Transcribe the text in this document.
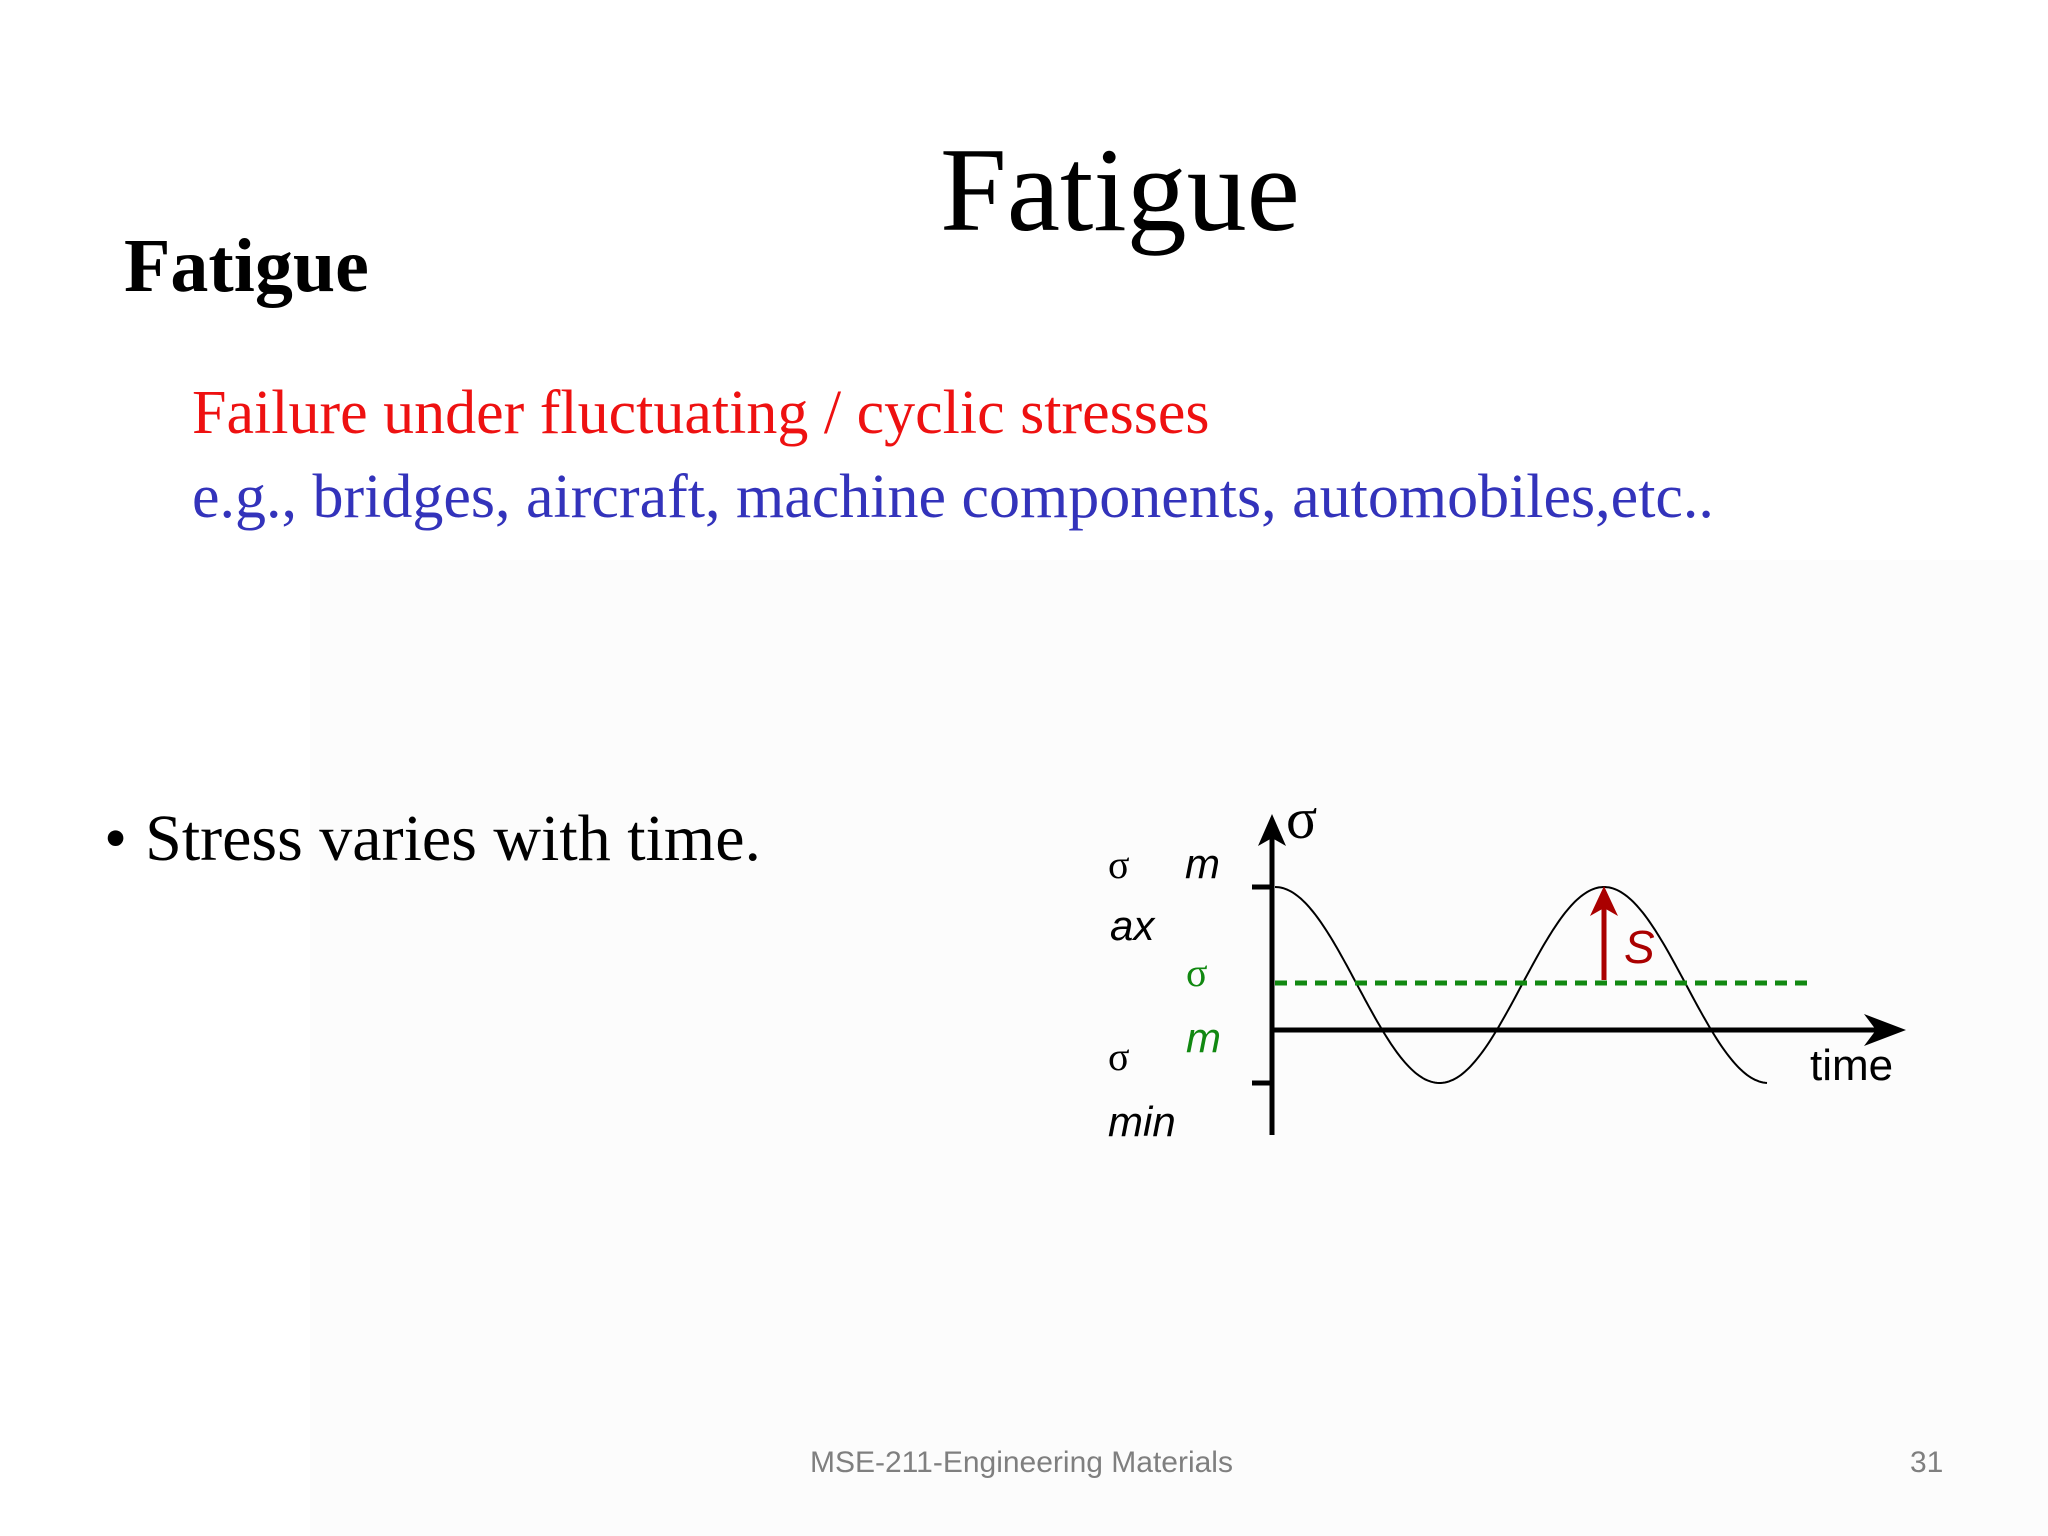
Fatigue
Fatigue
Failure under fluctuating / cyclic stresses
e.g., bridges, aircraft, machine components, automobiles,etc..
• Stress varies with time.
S
σ
σ m
ax
σ
m
σ
min
time
MSE-211-Engineering Materials	31
